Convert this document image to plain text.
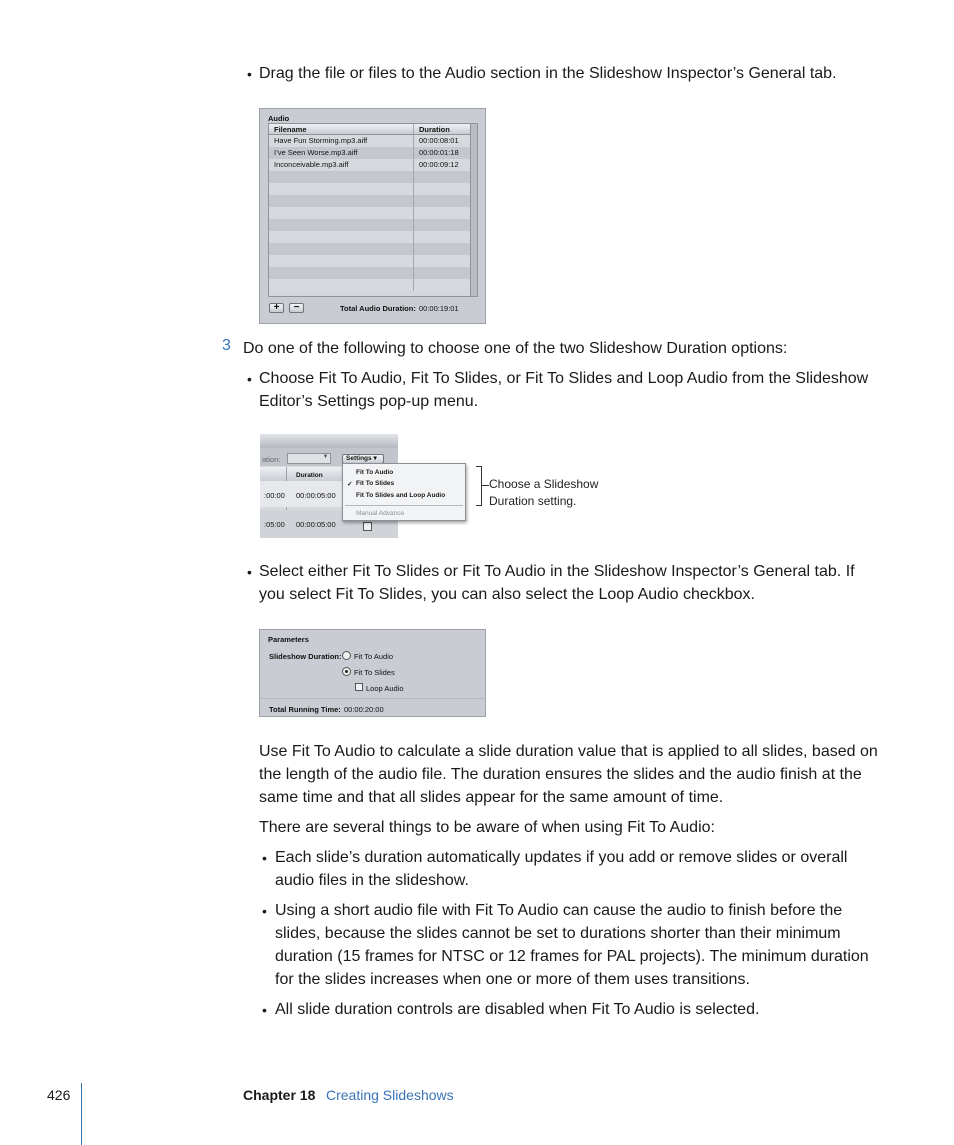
• Drag the file or files to the Audio section in the Slideshow Inspector’s General tab.
Audio
Filename	Duration
Have Fun Storming.mp3.aiff	00:00:08:01
I’ve Seen Worse.mp3.aiff	00:00:01:18
Inconceivable.mp3.aiff	00:00:09:12
+	−	Total Audio Duration: 00:00:19:01
3 Do one of the following to choose one of the two Slideshow Duration options:
• Choose Fit To Audio, Fit To Slides, or Fit To Slides and Loop Audio from the Slideshow Editor’s Settings pop-up menu.
ation:	▼	Settings ▾
Duration
:00:00 00:00:05:00
:05:00 00:00:05:00
Fit To Audio
✓ Fit To Slides
Fit To Slides and Loop Audio
Manual Advance
Choose a Slideshow
Duration setting.
• Select either Fit To Slides or Fit To Audio in the Slideshow Inspector’s General tab. If you select Fit To Slides, you can also select the Loop Audio checkbox.
Parameters
Slideshow Duration: Fit To Audio
Fit To Slides
Loop Audio
Total Running Time: 00:00:20:00
Use Fit To Audio to calculate a slide duration value that is applied to all slides, based on the length of the audio file. The duration ensures the slides and the audio finish at the same time and that all slides appear for the same amount of time.
There are several things to be aware of when using Fit To Audio:
• Each slide’s duration automatically updates if you add or remove slides or overall audio files in the slideshow.
• Using a short audio file with Fit To Audio can cause the audio to finish before the slides, because the slides cannot be set to durations shorter than their minimum duration (15 frames for NTSC or 12 frames for PAL projects). The minimum duration for the slides increases when one or more of them uses transitions.
• All slide duration controls are disabled when Fit To Audio is selected.
426	Chapter 18 Creating Slideshows
